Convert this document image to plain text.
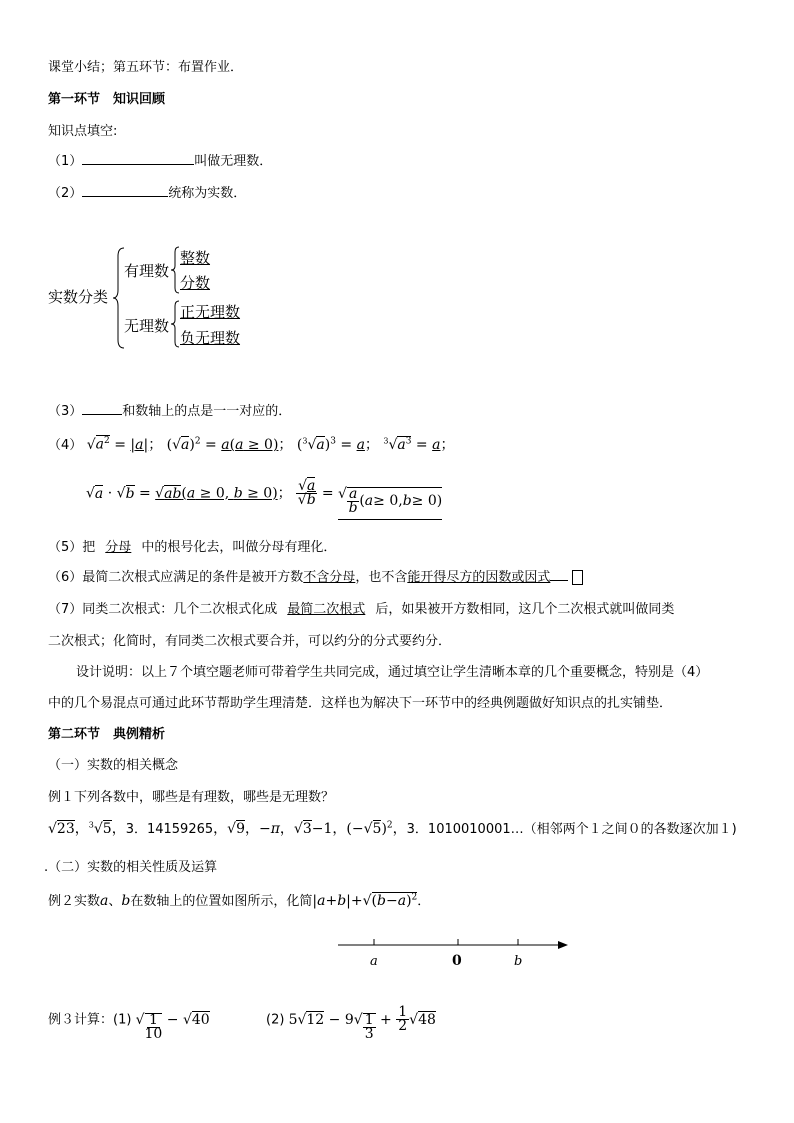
课堂小结；第五环节：布置作业．
第一环节　知识回顾
知识点填空:
（1）	叫做无理数．
（2）	统称为实数．
实数分类
有理数
整数
分数
无理数
正无理数
负无理数
（3）	和数轴上的点是一一对应的．
（4） $√a^2 = |a|$； $(√a)^2 = a(a \ge 0)$； $(^3√a)^3 = a$； $^3√a^3 = a$；
√a · √b = √ab(a ≥ 0, b ≥ 0)； $\frac{√a}{√b}$ = √ $\frac{a}{b}$ ( a ≥ 0, b ≥ 0)
（5）把 分母 中的根号化去，叫做分母有理化．
（6）最简二次根式应满足的条件是被开方数不含分母，也不含能开得尽方的因数或因式
（7）同类二次根式：几个二次根式化成 最简二次根式 后，如果被开方数相同，这几个二次根式就叫做同类
二次根式；化简时，有同类二次根式要合并，可以约分的分式要约分．
设计说明：以上７个填空题老师可带着学生共同完成，通过填空让学生清晰本章的几个重要概念，特别是（4）
中的几个易混点可通过此环节帮助学生理清楚．这样也为解决下一环节中的经典例题做好知识点的扎实铺垫．
第二环节　典例精析
（一）实数的相关概念
例１下列各数中，哪些是有理数，哪些是无理数？
√23，$^3$√5，3．14159265，√9，−π，√3−1，$(-√5)^2$，3．1010010001…（相邻两个１之间０的各数逐次加１)
.（二）实数的相关性质及运算
例２实数a、b在数轴上的位置如图所示，化简$|a+b|+√(b-a)^2$．
a	0	b
例３计算：(1) √ $\frac{1}{10} - √40$	(2) $5√12 - 9√ \frac{1}{3} + \frac{1}{2} √48$
